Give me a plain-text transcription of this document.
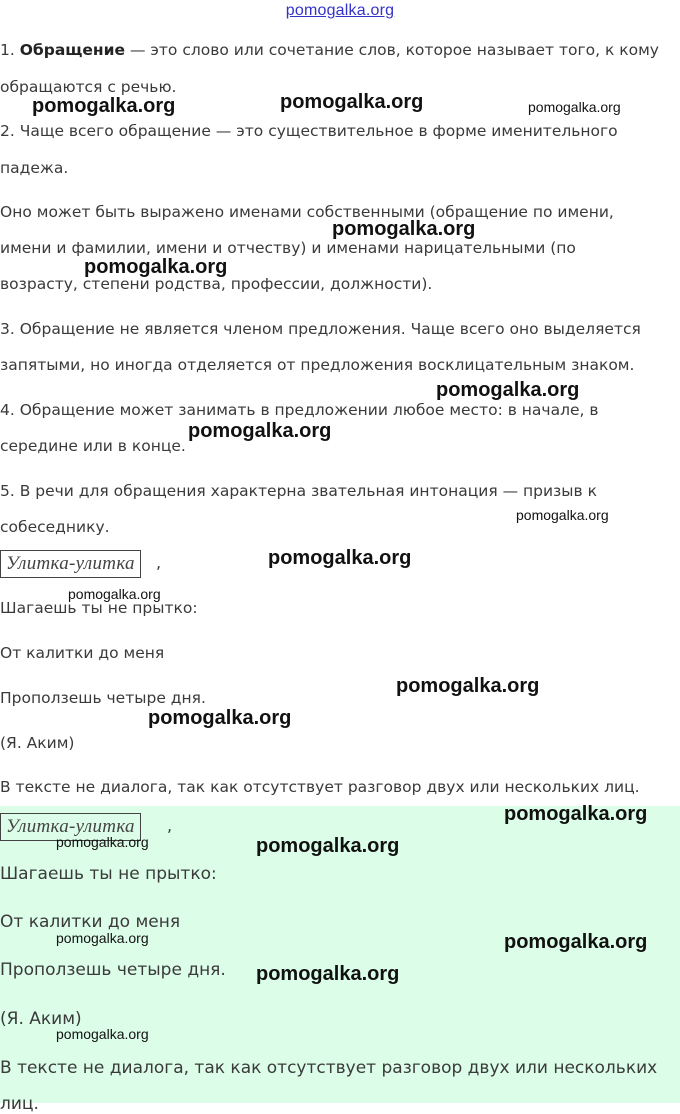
pomogalka.org
1. Обращение — это слово или сочетание слов, которое называет того, к кому
обращаются с речью.
2. Чаще всего обращение — это существительное в форме именительного
падежа.
Оно может быть выражено именами собственными (обращение по имени,
имени и фамилии, имени и отчеству) и именами нарицательными (по
возрасту, степени родства, профессии, должности).
3. Обращение не является членом предложения. Чаще всего оно выделяется
запятыми, но иногда отделяется от предложения восклицательным знаком.
4. Обращение может занимать в предложении любое место: в начале, в
середине или в конце.
5. В речи для обращения характерна звательная интонация — призыв к
собеседнику.
Улитка-улитка	,
Шагаешь ты не прытко:
От калитки до меня
Проползешь четыре дня.
(Я. Аким)
В тексте не диалога, так как отсутствует разговор двух или нескольких лиц.
Улитка-улитка	,
Шагаешь ты не прытко:
От калитки до меня
Проползешь четыре дня.
(Я. Аким)
В тексте не диалога, так как отсутствует разговор двух или нескольких
лиц.
pomogalka.org	pomogalka.org	pomogalka.org
pomogalka.org
pomogalka.org
pomogalka.org
pomogalka.org
pomogalka.org
pomogalka.org
pomogalka.org
pomogalka.org
pomogalka.org
pomogalka.org
pomogalka.org	pomogalka.org
pomogalka.org
pomogalka.org
pomogalka.org
pomogalka.org
